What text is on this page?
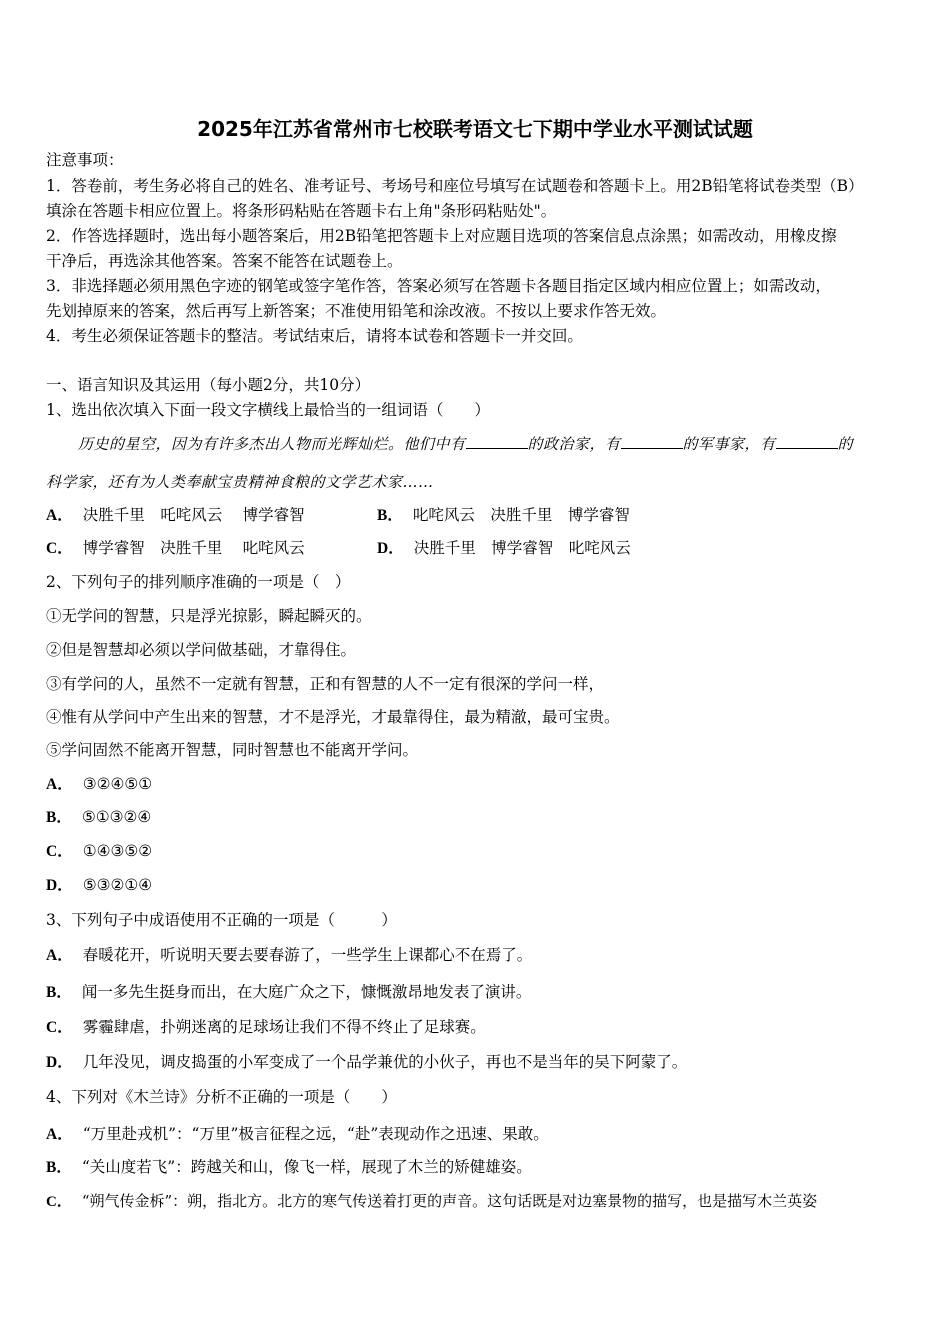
2025年江苏省常州市七校联考语文七下期中学业水平测试试题
注意事项：
1．答卷前，考生务必将自己的姓名、准考证号、考场号和座位号填写在试题卷和答题卡上。用2B铅笔将试卷类型（B）
填涂在答题卡相应位置上。将条形码粘贴在答题卡右上角"条形码粘贴处"。
2．作答选择题时，选出每小题答案后，用2B铅笔把答题卡上对应题目选项的答案信息点涂黑；如需改动，用橡皮擦
干净后，再选涂其他答案。答案不能答在试题卷上。
3．非选择题必须用黑色字迹的钢笔或签字笔作答，答案必须写在答题卡各题目指定区域内相应位置上；如需改动，
先划掉原来的答案，然后再写上新答案；不准使用铅笔和涂改液。不按以上要求作答无效。
4．考生必须保证答题卡的整洁。考试结束后，请将本试卷和答题卡一并交回。
一、语言知识及其运用（每小题2分，共10分）
1、选出依次填入下面一段文字横线上最恰当的一组词语（　　）
历史的星空，因为有许多杰出人物而光辉灿烂。他们中有	的政治家，有	的军事家，有	的
科学家，还有为人类奉献宝贵精神食粮的文学艺术家……
A． 决胜千里　吒咤风云　 博学睿智	B． 叱咤风云　决胜千里　博学睿智
C． 博学睿智　决胜千里　 叱咤风云	D． 决胜千里　博学睿智　叱咤风云
2、下列句子的排列顺序准确的一项是（　）
①无学问的智慧，只是浮光掠影，瞬起瞬灭的。
②但是智慧却必须以学问做基础，才靠得住。
③有学问的人，虽然不一定就有智慧，正和有智慧的人不一定有很深的学问一样，
④惟有从学问中产生出来的智慧，才不是浮光，才最靠得住，最为精澈，最可宝贵。
⑤学问固然不能离开智慧，同时智慧也不能离开学问。
A． ③②④⑤①
B． ⑤①③②④
C． ①④③⑤②
D． ⑤③②①④
3、下列句子中成语使用不正确的一项是（　　　）
A． 春暖花开，听说明天要去要春游了，一些学生上课都心不在焉了。
B． 闻一多先生挺身而出，在大庭广众之下，慷慨激昂地发表了演讲。
C． 雾霾肆虐，扑朔迷离的足球场让我们不得不终止了足球赛。
D． 几年没见，调皮捣蛋的小军变成了一个品学兼优的小伙子，再也不是当年的吴下阿蒙了。
4、下列对《木兰诗》分析不正确的一项是（　　）
A． “万里赴戎机”：“万里”极言征程之远，“赴”表现动作之迅速、果敢。
B． “关山度若飞”：跨越关和山，像飞一样，展现了木兰的矫健雄姿。
C． “朔气传金柝”：朔，指北方。北方的寒气传送着打更的声音。这句话既是对边塞景物的描写，也是描写木兰英姿
